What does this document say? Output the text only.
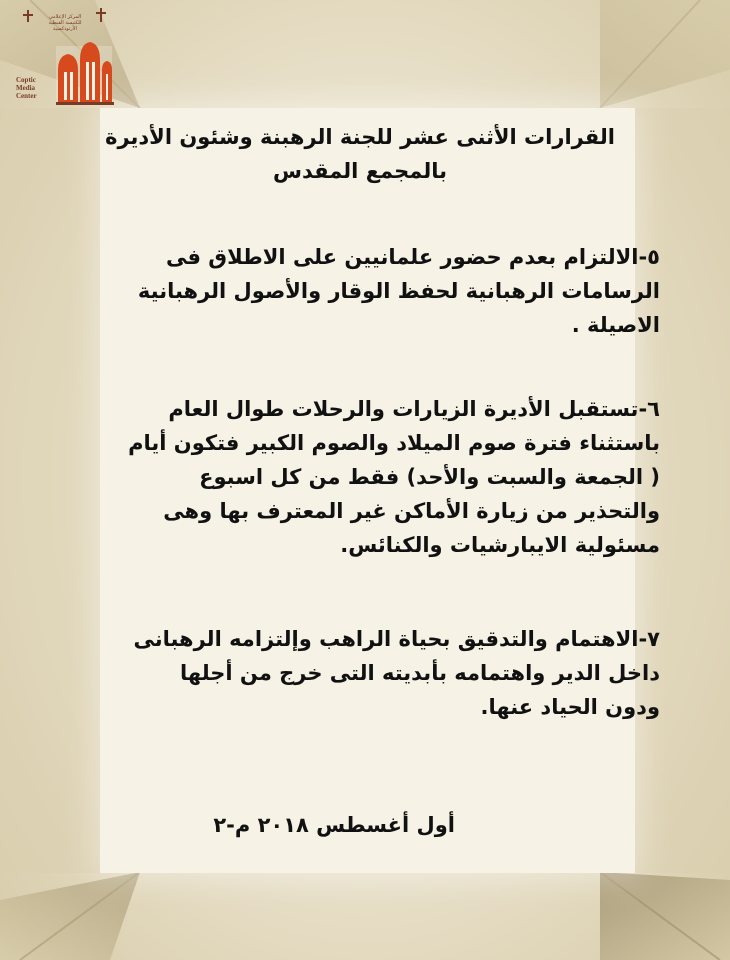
المركز الإعلامي
للكنيسة القبطية
الأرثوذكسية
Coptic
Media
Center
القرارات الأثنى عشر للجنة الرهبنة وشئون الأديرة
بالمجمع المقدس
٥-الالتزام بعدم حضور علمانيين على الاطلاق فى
الرسامات الرهبانية لحفظ الوقار والأصول الرهبانية
الاصيلة .
٦-تستقبل الأديرة الزيارات والرحلات طوال العام
باستثناء فترة صوم الميلاد والصوم الكبير فتكون أيام
( الجمعة والسبت والأحد) فقط من كل اسبوع
والتحذير من زيارة الأماكن غير المعترف بها وهى
مسئولية الايبارشيات والكنائس.
٧-الاهتمام والتدقيق بحياة الراهب وإلتزامه الرهبانى
داخل الدير واهتمامه بأبديته التى خرج من أجلها
ودون الحياد عنها.
أول أغسطس ٢٠١٨ م-٢
